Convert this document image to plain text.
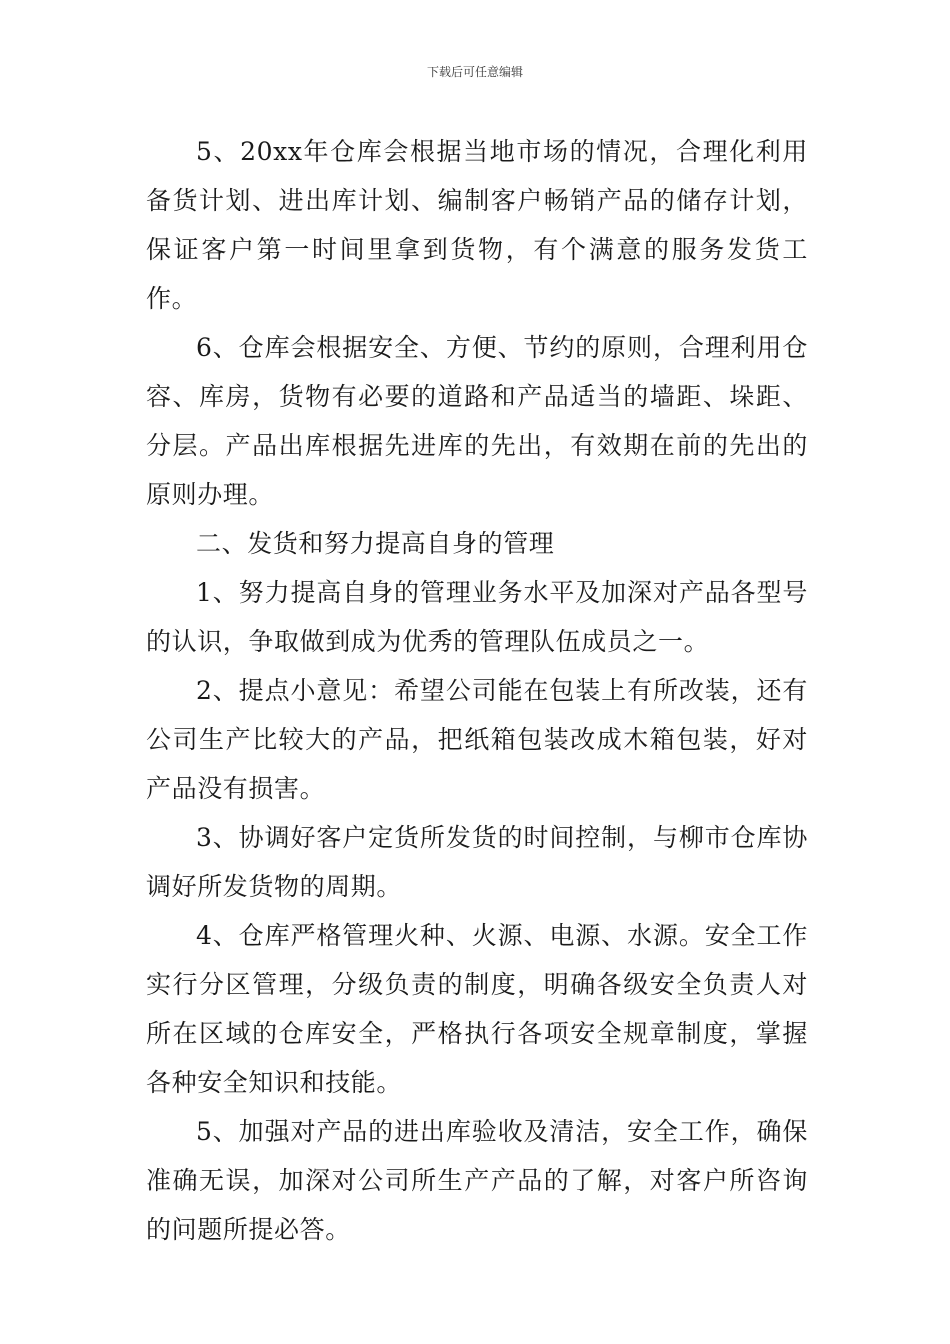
下载后可任意编辑

5、20xx年仓库会根据当地市场的情况，合理化利用备货计划、进出库计划、编制客户畅销产品的储存计划，保证客户第一时间里拿到货物，有个满意的服务发货工作。

6、仓库会根据安全、方便、节约的原则，合理利用仓容、库房，货物有必要的道路和产品适当的墙距、垛距、分层。产品出库根据先进库的先出，有效期在前的先出的原则办理。

二、发货和努力提高自身的管理

1、努力提高自身的管理业务水平及加深对产品各型号的认识，争取做到成为优秀的管理队伍成员之一。

2、提点小意见：希望公司能在包装上有所改装，还有公司生产比较大的产品，把纸箱包装改成木箱包装，好对产品没有损害。

3、协调好客户定货所发货的时间控制，与柳市仓库协调好所发货物的周期。

4、仓库严格管理火种、火源、电源、水源。安全工作实行分区管理，分级负责的制度，明确各级安全负责人对所在区域的仓库安全，严格执行各项安全规章制度，掌握各种安全知识和技能。

5、加强对产品的进出库验收及清洁，安全工作，确保准确无误，加深对公司所生产产品的了解，对客户所咨询的问题所提必答。
